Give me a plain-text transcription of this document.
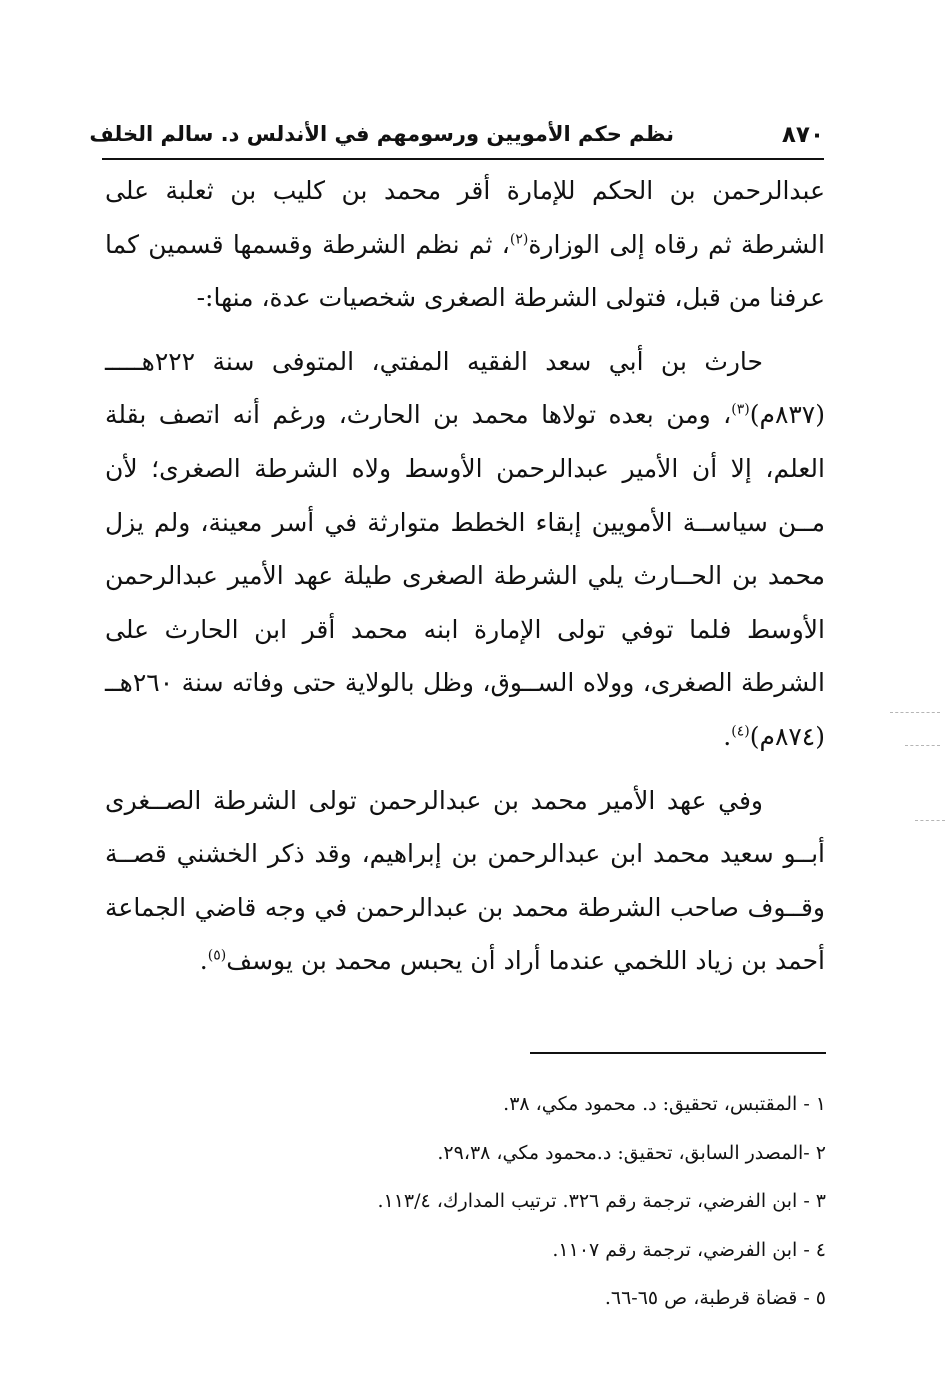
٨٧٠
نظم حكم الأمويين ورسومهم في الأندلس د. سالم الخلف

عبدالرحمن بن الحكم للإمارة أقر محمد بن كليب بن ثعلبة على الشرطة ثم رقاه إلى الوزارة$^{(٢)}$، ثم نظم الشرطة وقسمها قسمين كما عرفنا من قبل، فتولى الشرطة الصغرى شخصيات عدة، منها:-

حارث بن أبي سعد الفقيه المفتي، المتوفى سنة ٢٢٢هـــــ (٨٣٧م)$^{(٣)}$، ومن بعده تولاها محمد بن الحارث، ورغم أنه اتصف بقلة العلم، إلا أن الأمير عبدالرحمن الأوسط ولاه الشرطة الصغرى؛ لأن مــن سياســة الأمويين إبقاء الخطط متوارثة في أسر معينة، ولم يزل محمد بن الحــارث يلي الشرطة الصغرى طيلة عهد الأمير عبدالرحمن الأوسط فلما توفي تولى الإمارة ابنه محمد أقر ابن الحارث على الشرطة الصغرى، وولاه الســوق، وظل بالولاية حتى وفاته سنة ٢٦٠هــ (٨٧٤م)$^{(٤)}$.

وفي عهد الأمير محمد بن عبدالرحمن تولى الشرطة الصــغرى أبــو سعيد محمد ابن عبدالرحمن بن إبراهيم، وقد ذكر الخشني قصــة وقــوف صاحب الشرطة محمد بن عبدالرحمن في وجه قاضي الجماعة أحمد بن زياد اللخمي عندما أراد أن يحبس محمد بن يوسف$^{(٥)}$.

١ - المقتبس، تحقيق: د. محمود مكي، ٣٨.

٢ -المصدر السابق، تحقيق: د.محمود مكي، ٢٩،٣٨.

٣ - ابن الفرضي، ترجمة رقم ٣٢٦. ترتيب المدارك، ١١٣/٤.

٤ - ابن الفرضي، ترجمة رقم ١١٠٧.

٥ - قضاة قرطبة، ص ٦٥-٦٦.
